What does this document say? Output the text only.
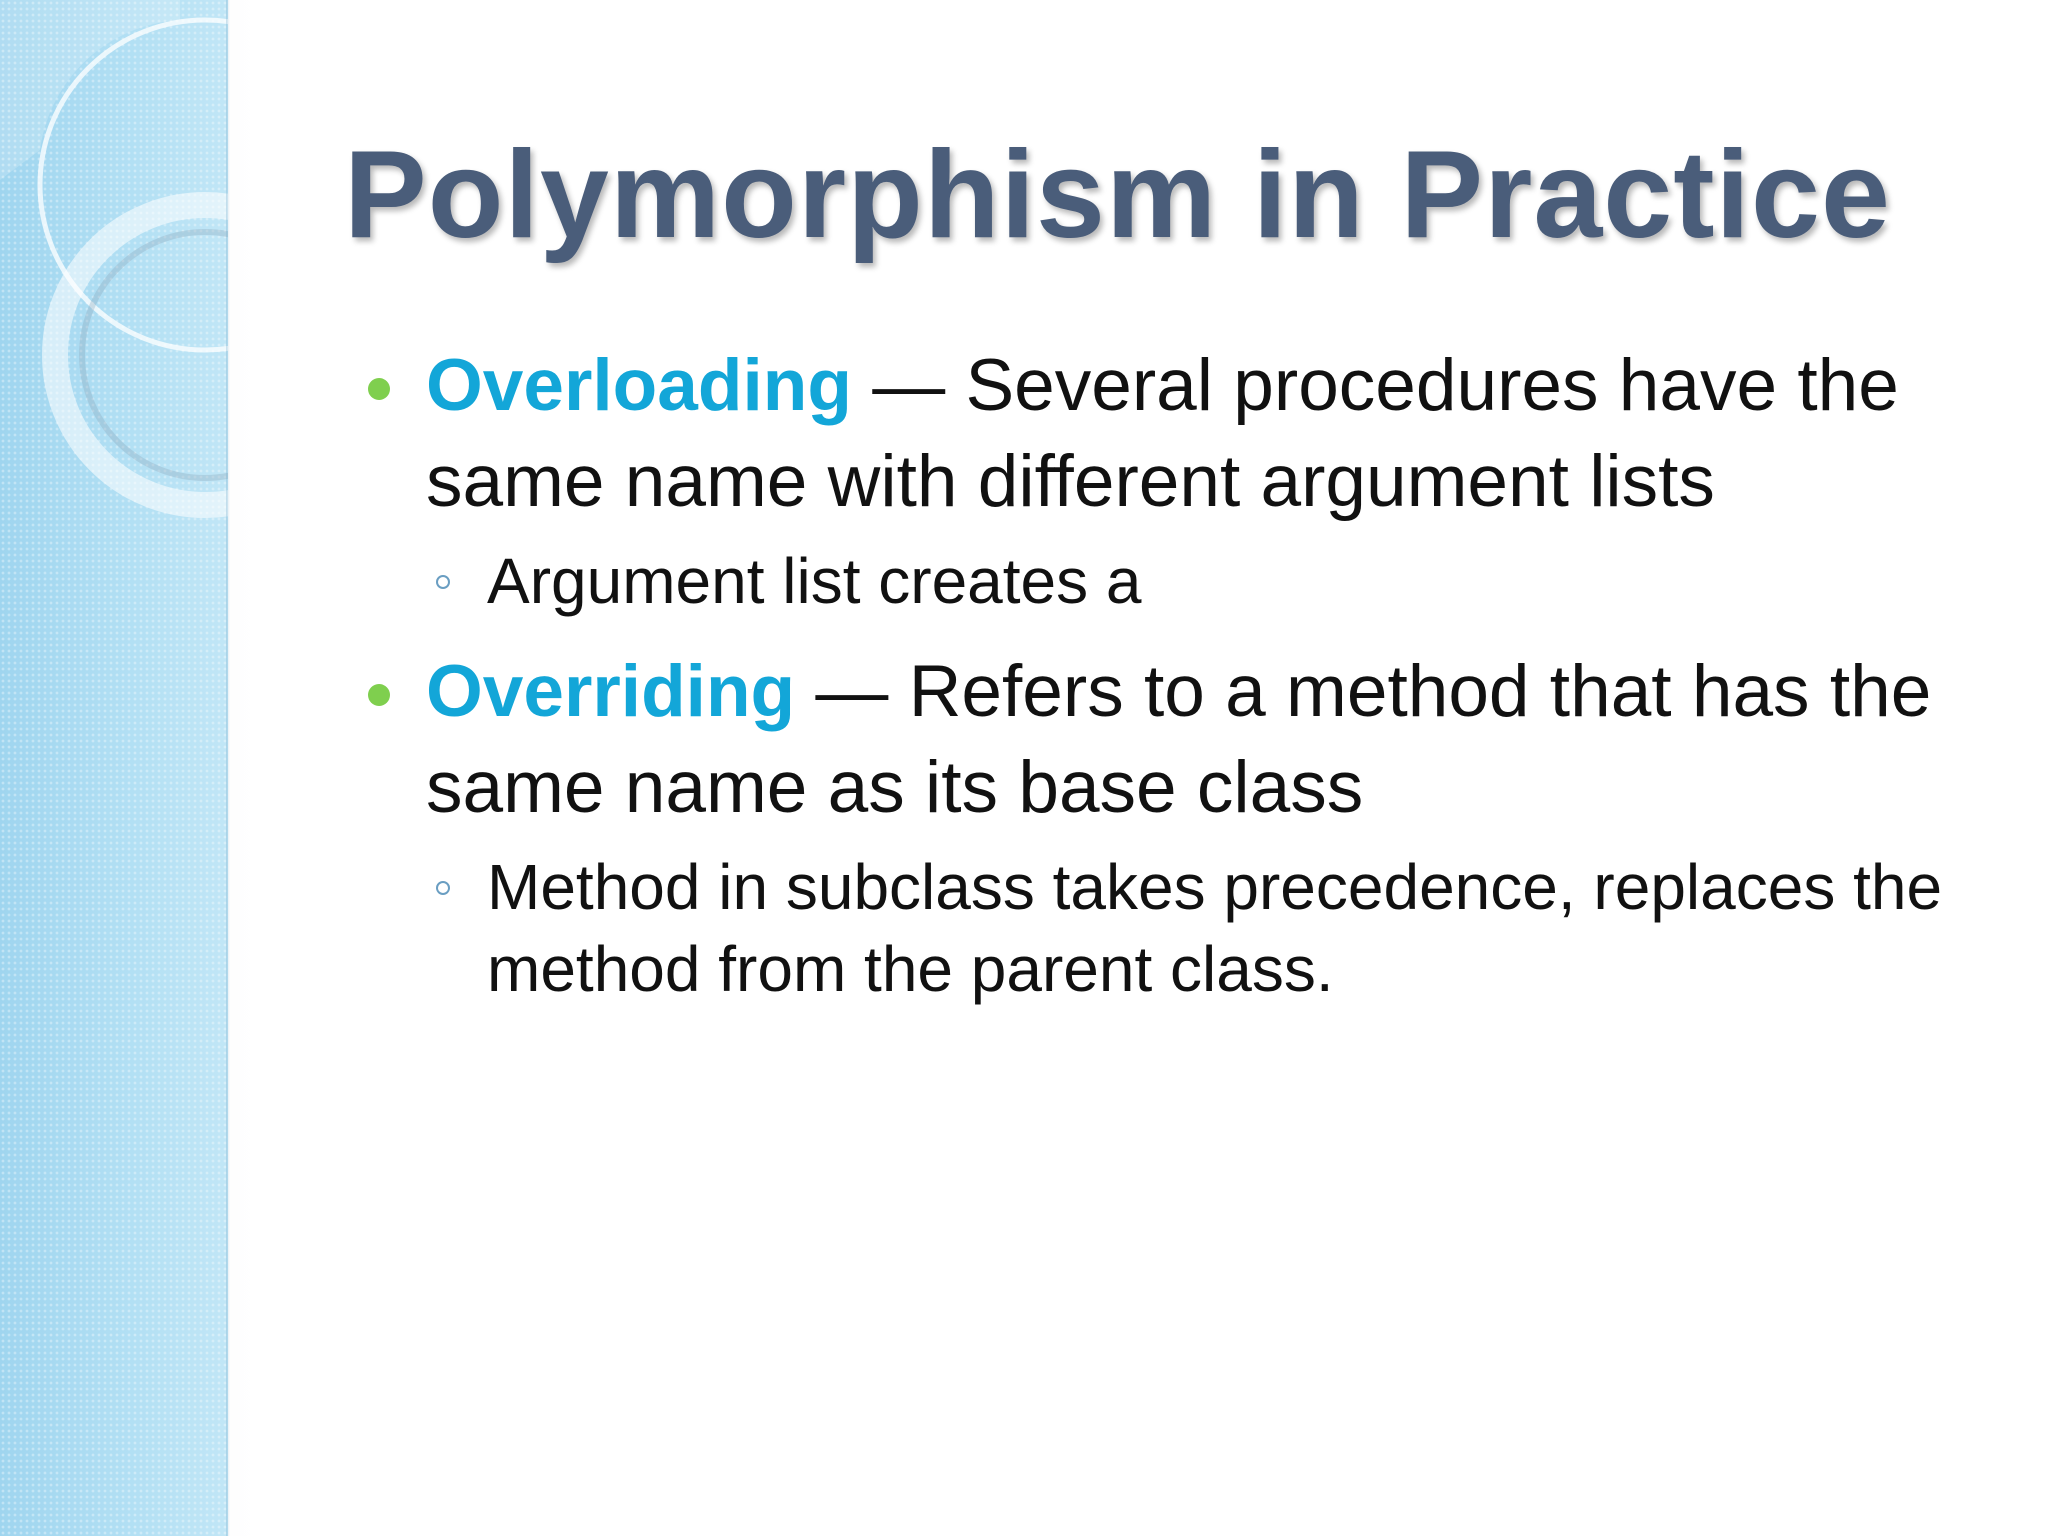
Polymorphism in Practice
Overloading — Several procedures have the same name with different argument lists
Argument list creates a
Overriding — Refers to a method that has the same name as its base class
Method in subclass takes precedence, replaces the method from the parent class.
